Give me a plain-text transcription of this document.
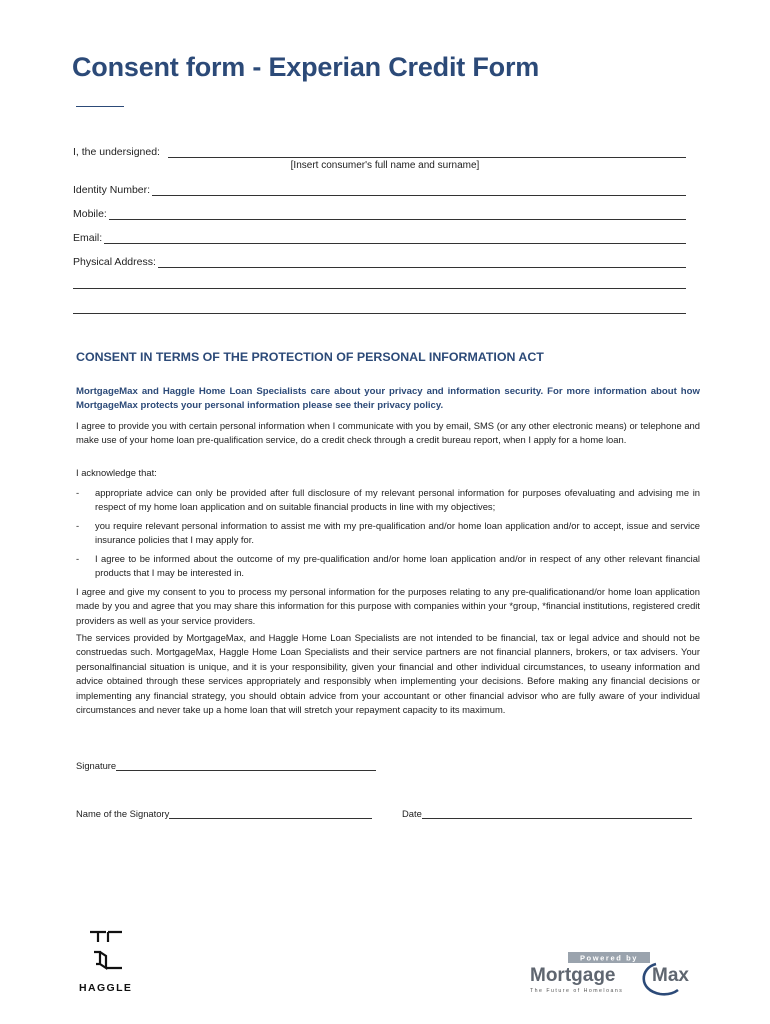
Consent form - Experian Credit Form
I, the undersigned:
[Insert consumer's full name and surname]
Identity Number:
Mobile:
Email:
Physical Address:
CONSENT IN TERMS OF THE PROTECTION OF PERSONAL INFORMATION ACT
MortgageMax and Haggle Home Loan Specialists care about your privacy and information security. For more information about how MortgageMax protects your personal information please see their privacy policy.
I agree to provide you with certain personal information when I communicate with you by email, SMS (or any other electronic means) or telephone and make use of your home loan pre-qualification service, do a credit check through a credit bureau report, when I apply for a home loan.
I acknowledge that:
- appropriate advice can only be provided after full disclosure of my relevant personal information for purposes ofevaluating and advising me in respect of my home loan application and on suitable financial products in line with my objectives;
- you require relevant personal information to assist me with my pre-qualification and/or home loan application and/or to accept, issue and service insurance policies that I may apply for.
- I agree to be informed about the outcome of my pre-qualification and/or home loan application and/or in respect of any other relevant financial products that I may be interested in.
I agree and give my consent to you to process my personal information for the purposes relating to any pre-qualificationand/or home loan application made by you and agree that you may share this information for this purpose with companies within your *group, *financial institutions, registered credit providers as well as your service providers.
The services provided by MortgageMax, and Haggle Home Loan Specialists are not intended to be financial, tax or legal advice and should not be construedas such. MortgageMax, Haggle Home Loan Specialists and their service partners are not financial planners, brokers, or tax advisers. Your personalfinancial situation is unique, and it is your responsibility, given your financial and other individual circumstances, to useany information and advice obtained through these services appropriately and responsibly when implementing your decisions. Before making any financial decisions or implementing any financial strategy, you should obtain advice from your accountant or other financial advisor who are fully aware of your individual circumstances and never take up a home loan that will stretch your repayment capacity to its maximum.
Signature
Name of the Signatory	Date
HAGGLE
Powered by
Mortgage Max
The Future of Homeloans
